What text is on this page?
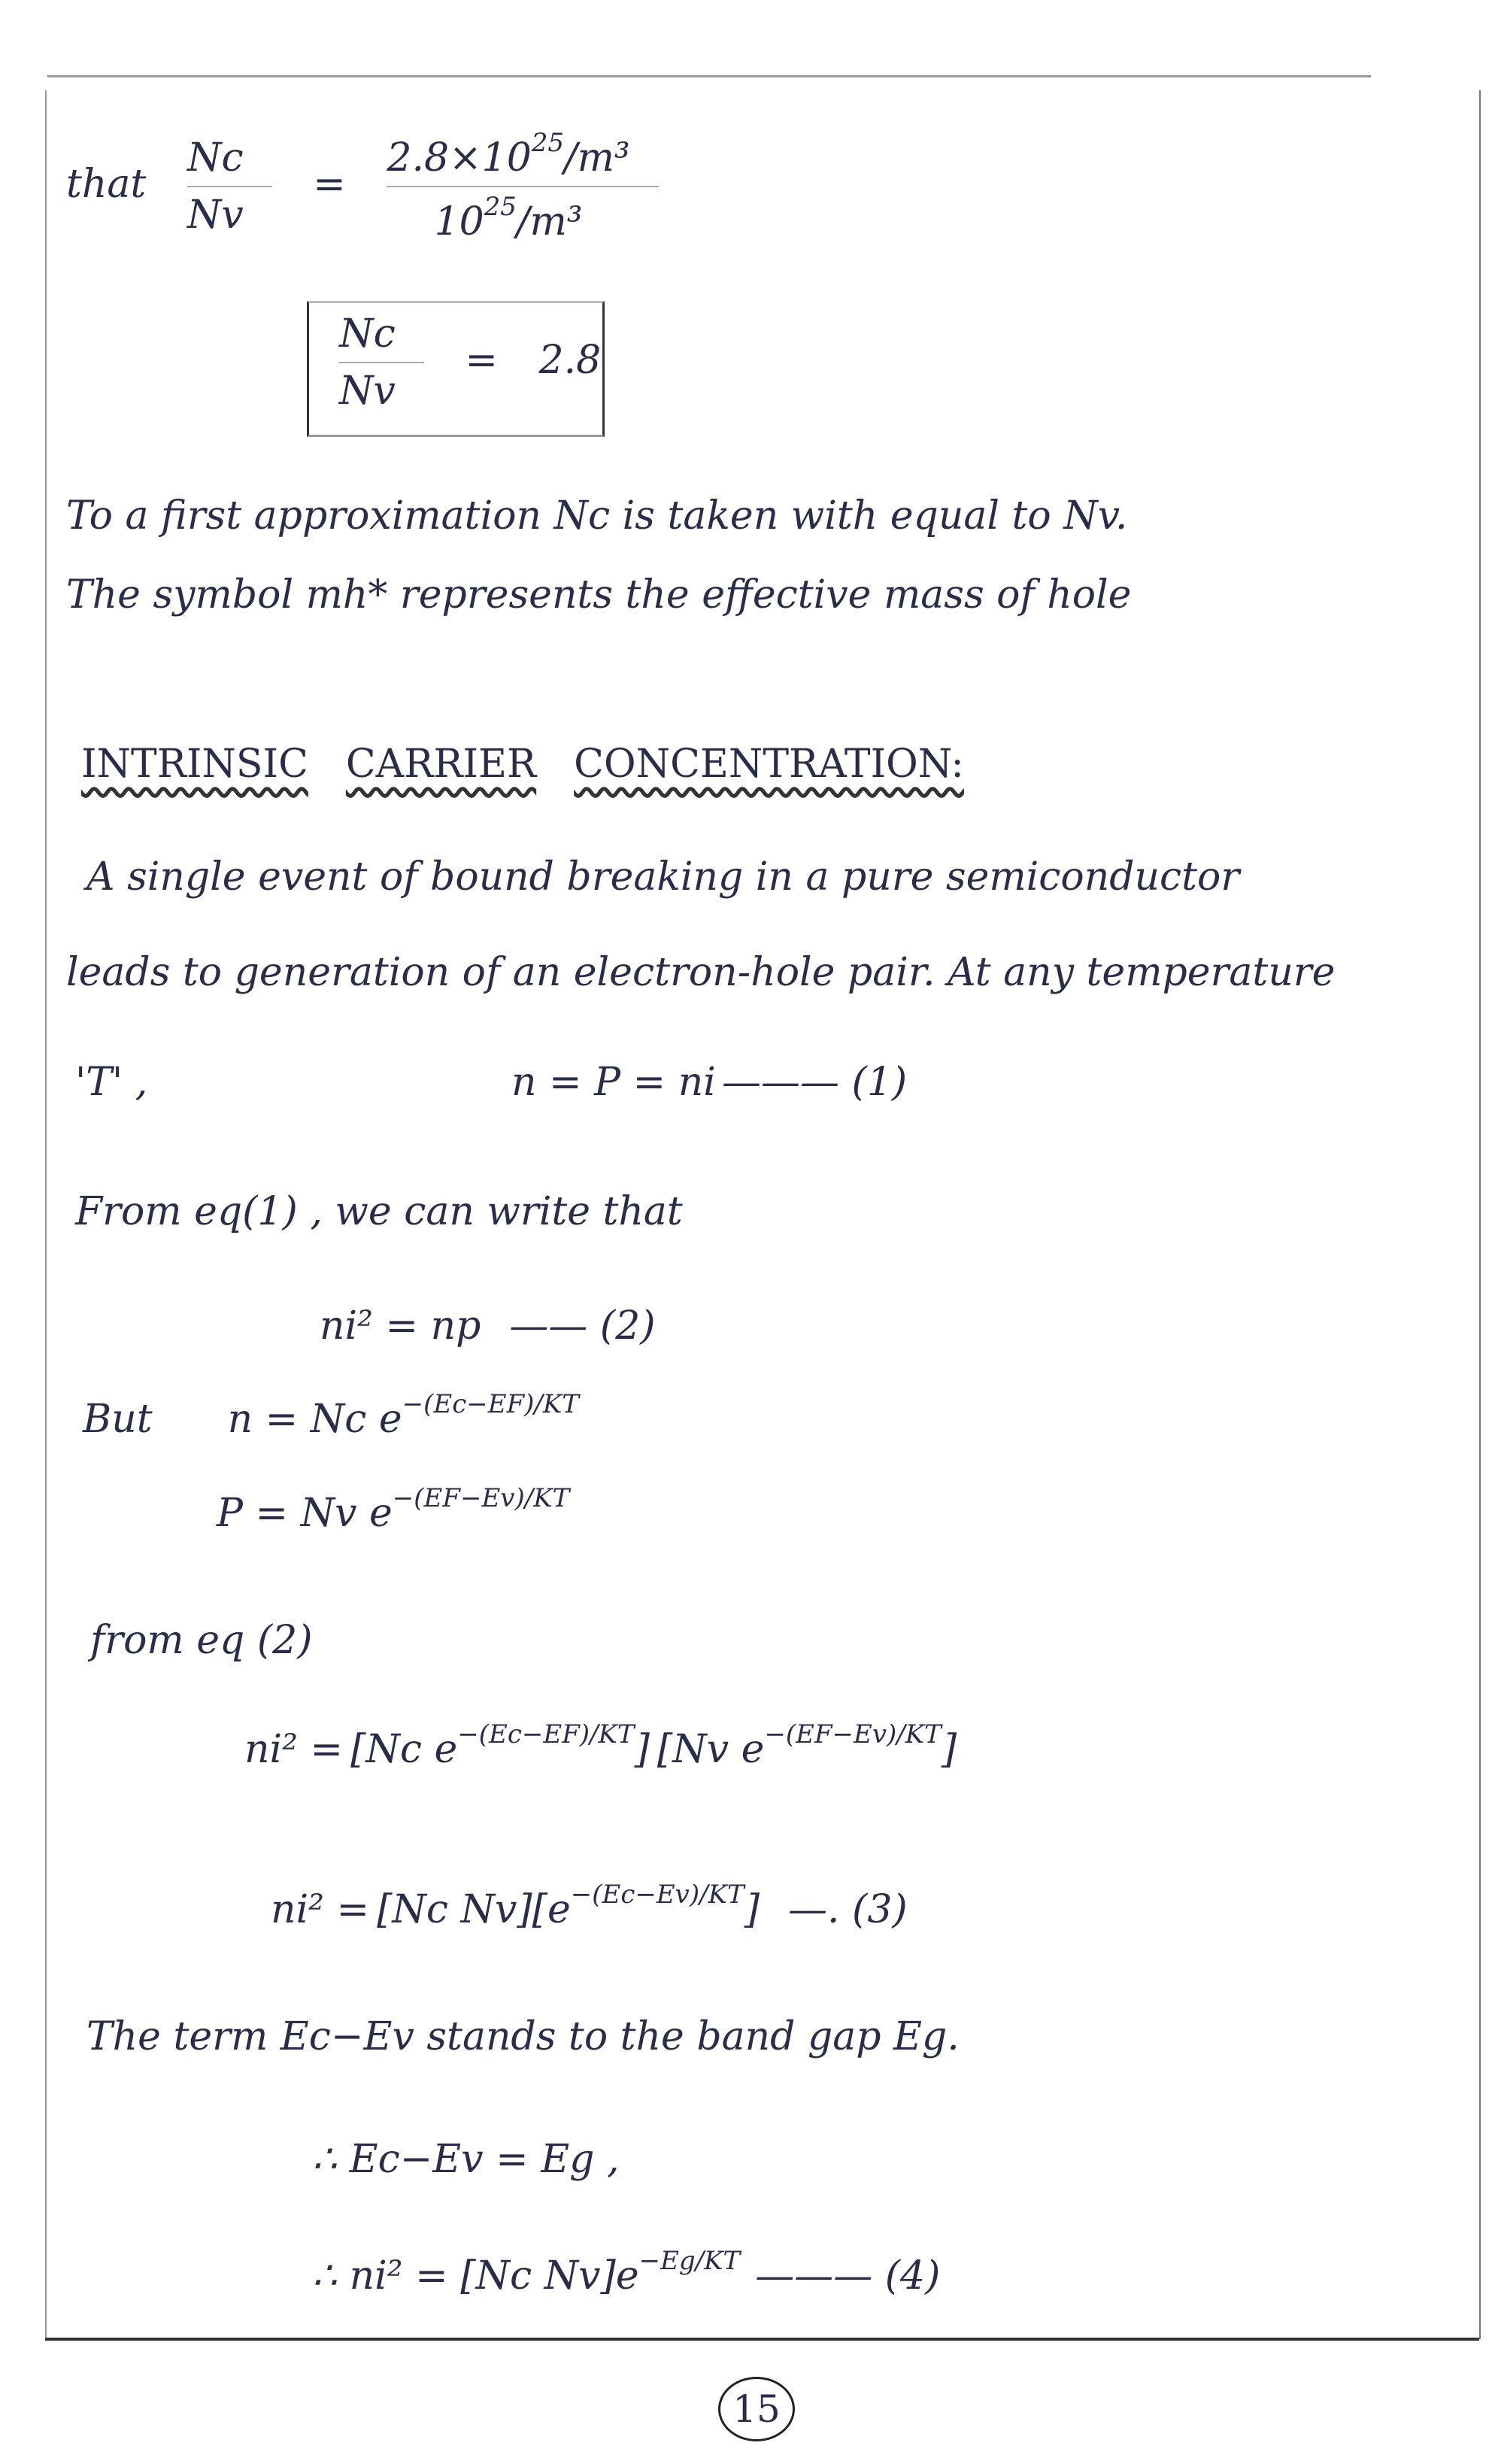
that $\frac{Nc}{Nv} = \frac{2.8\times 10^{25}/m^3}{10^{25}/m^3}$
$\frac{Nc}{Nv} = 2.8$
To a first approximation Nc is taken with equal to Nv.
The symbol mh* represents the effective mass of hole
INTRINSIC CARRIER CONCENTRATION:
A single event of bound breaking in a pure semiconductor
leads to generation of an electron-hole pair. At any temperature
'T' ,	n = P = ni ——— (1)
From eq(1) , we can write that
ni² = np —— (2)
But n = Nc $e^{-(Ec-EF)/KT}$
P = Nv $e^{-(EF-Ev)/KT}$
from eq (2)
ni² = [Nc $e^{-(Ec-EF)/KT}$] [Nv $e^{-(EF-Ev)/KT}$]
ni² = [Nc $Nv][e^{-(Ec-Ev)/KT}]$ —. (3)
The term Ec−Ev stands to the band gap Eg.
∴ Ec−Ev = Eg ,
∴ ni² = [Nc $Nv]e^{-Eg/KT}$ ——— (4)
15
